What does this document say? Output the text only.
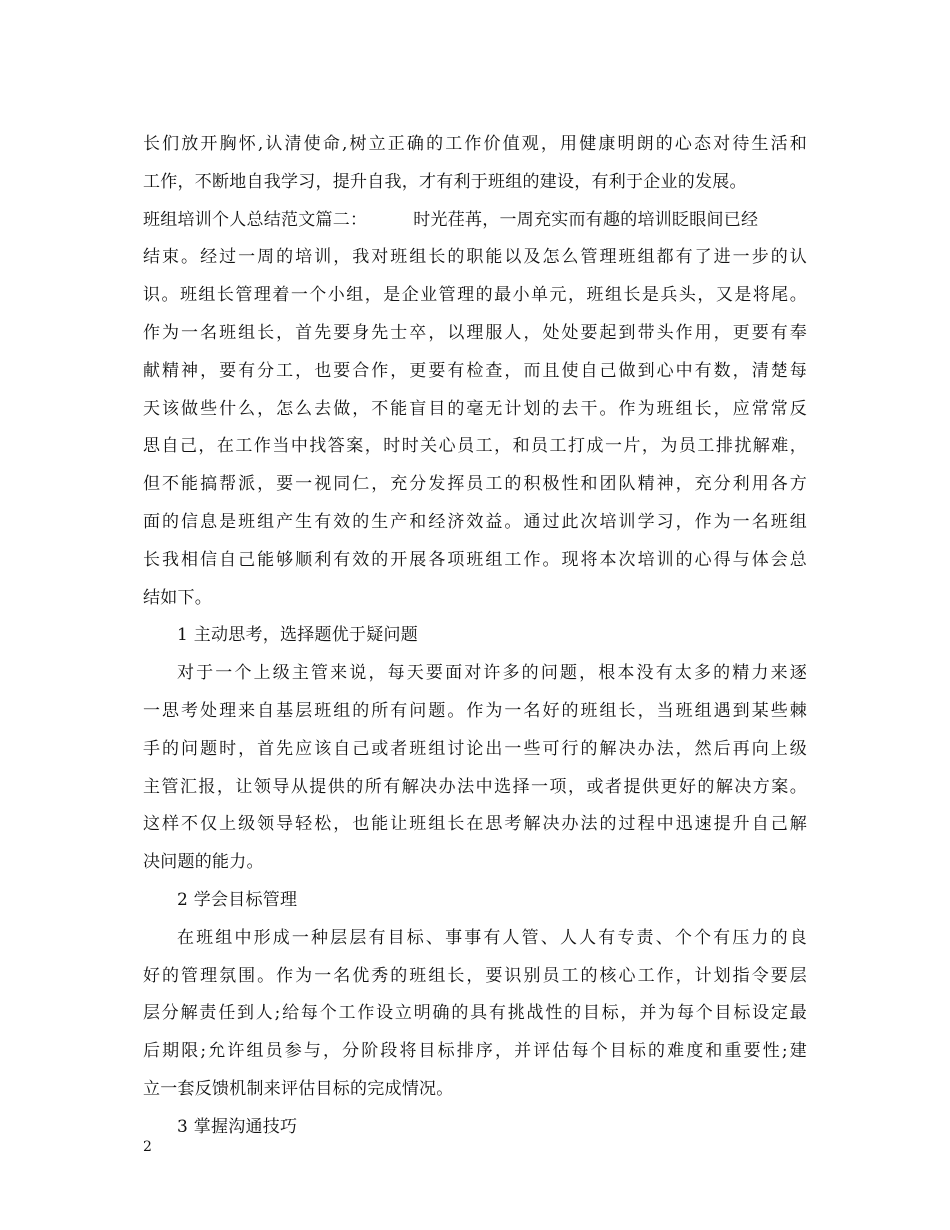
长们放开胸怀,认清使命,树立正确的工作价值观，用健康明朗的心态对待生活和
工作，不断地自我学习，提升自我，才有利于班组的建设，有利于企业的发展。
班组培训个人总结范文篇二：	时光荏苒，一周充实而有趣的培训眨眼间已经
结束。经过一周的培训，我对班组长的职能以及怎么管理班组都有了进一步的认
识。班组长管理着一个小组，是企业管理的最小单元，班组长是兵头，又是将尾。
作为一名班组长，首先要身先士卒，以理服人，处处要起到带头作用，更要有奉
献精神，要有分工，也要合作，更要有检查，而且使自己做到心中有数，清楚每
天该做些什么，怎么去做，不能盲目的毫无计划的去干。作为班组长，应常常反
思自己，在工作当中找答案，时时关心员工，和员工打成一片，为员工排扰解难，
但不能搞帮派，要一视同仁，充分发挥员工的积极性和团队精神，充分利用各方
面的信息是班组产生有效的生产和经济效益。通过此次培训学习，作为一名班组
长我相信自己能够顺利有效的开展各项班组工作。现将本次培训的心得与体会总
结如下。
1 主动思考，选择题优于疑问题
对于一个上级主管来说，每天要面对许多的问题，根本没有太多的精力来逐
一思考处理来自基层班组的所有问题。作为一名好的班组长，当班组遇到某些棘
手的问题时，首先应该自己或者班组讨论出一些可行的解决办法，然后再向上级
主管汇报，让领导从提供的所有解决办法中选择一项，或者提供更好的解决方案。
这样不仅上级领导轻松，也能让班组长在思考解决办法的过程中迅速提升自己解
决问题的能力。
2 学会目标管理
在班组中形成一种层层有目标、事事有人管、人人有专责、个个有压力的良
好的管理氛围。作为一名优秀的班组长，要识别员工的核心工作，计划指令要层
层分解责任到人;给每个工作设立明确的具有挑战性的目标，并为每个目标设定最
后期限;允许组员参与，分阶段将目标排序，并评估每个目标的难度和重要性;建
立一套反馈机制来评估目标的完成情况。
3 掌握沟通技巧
2
